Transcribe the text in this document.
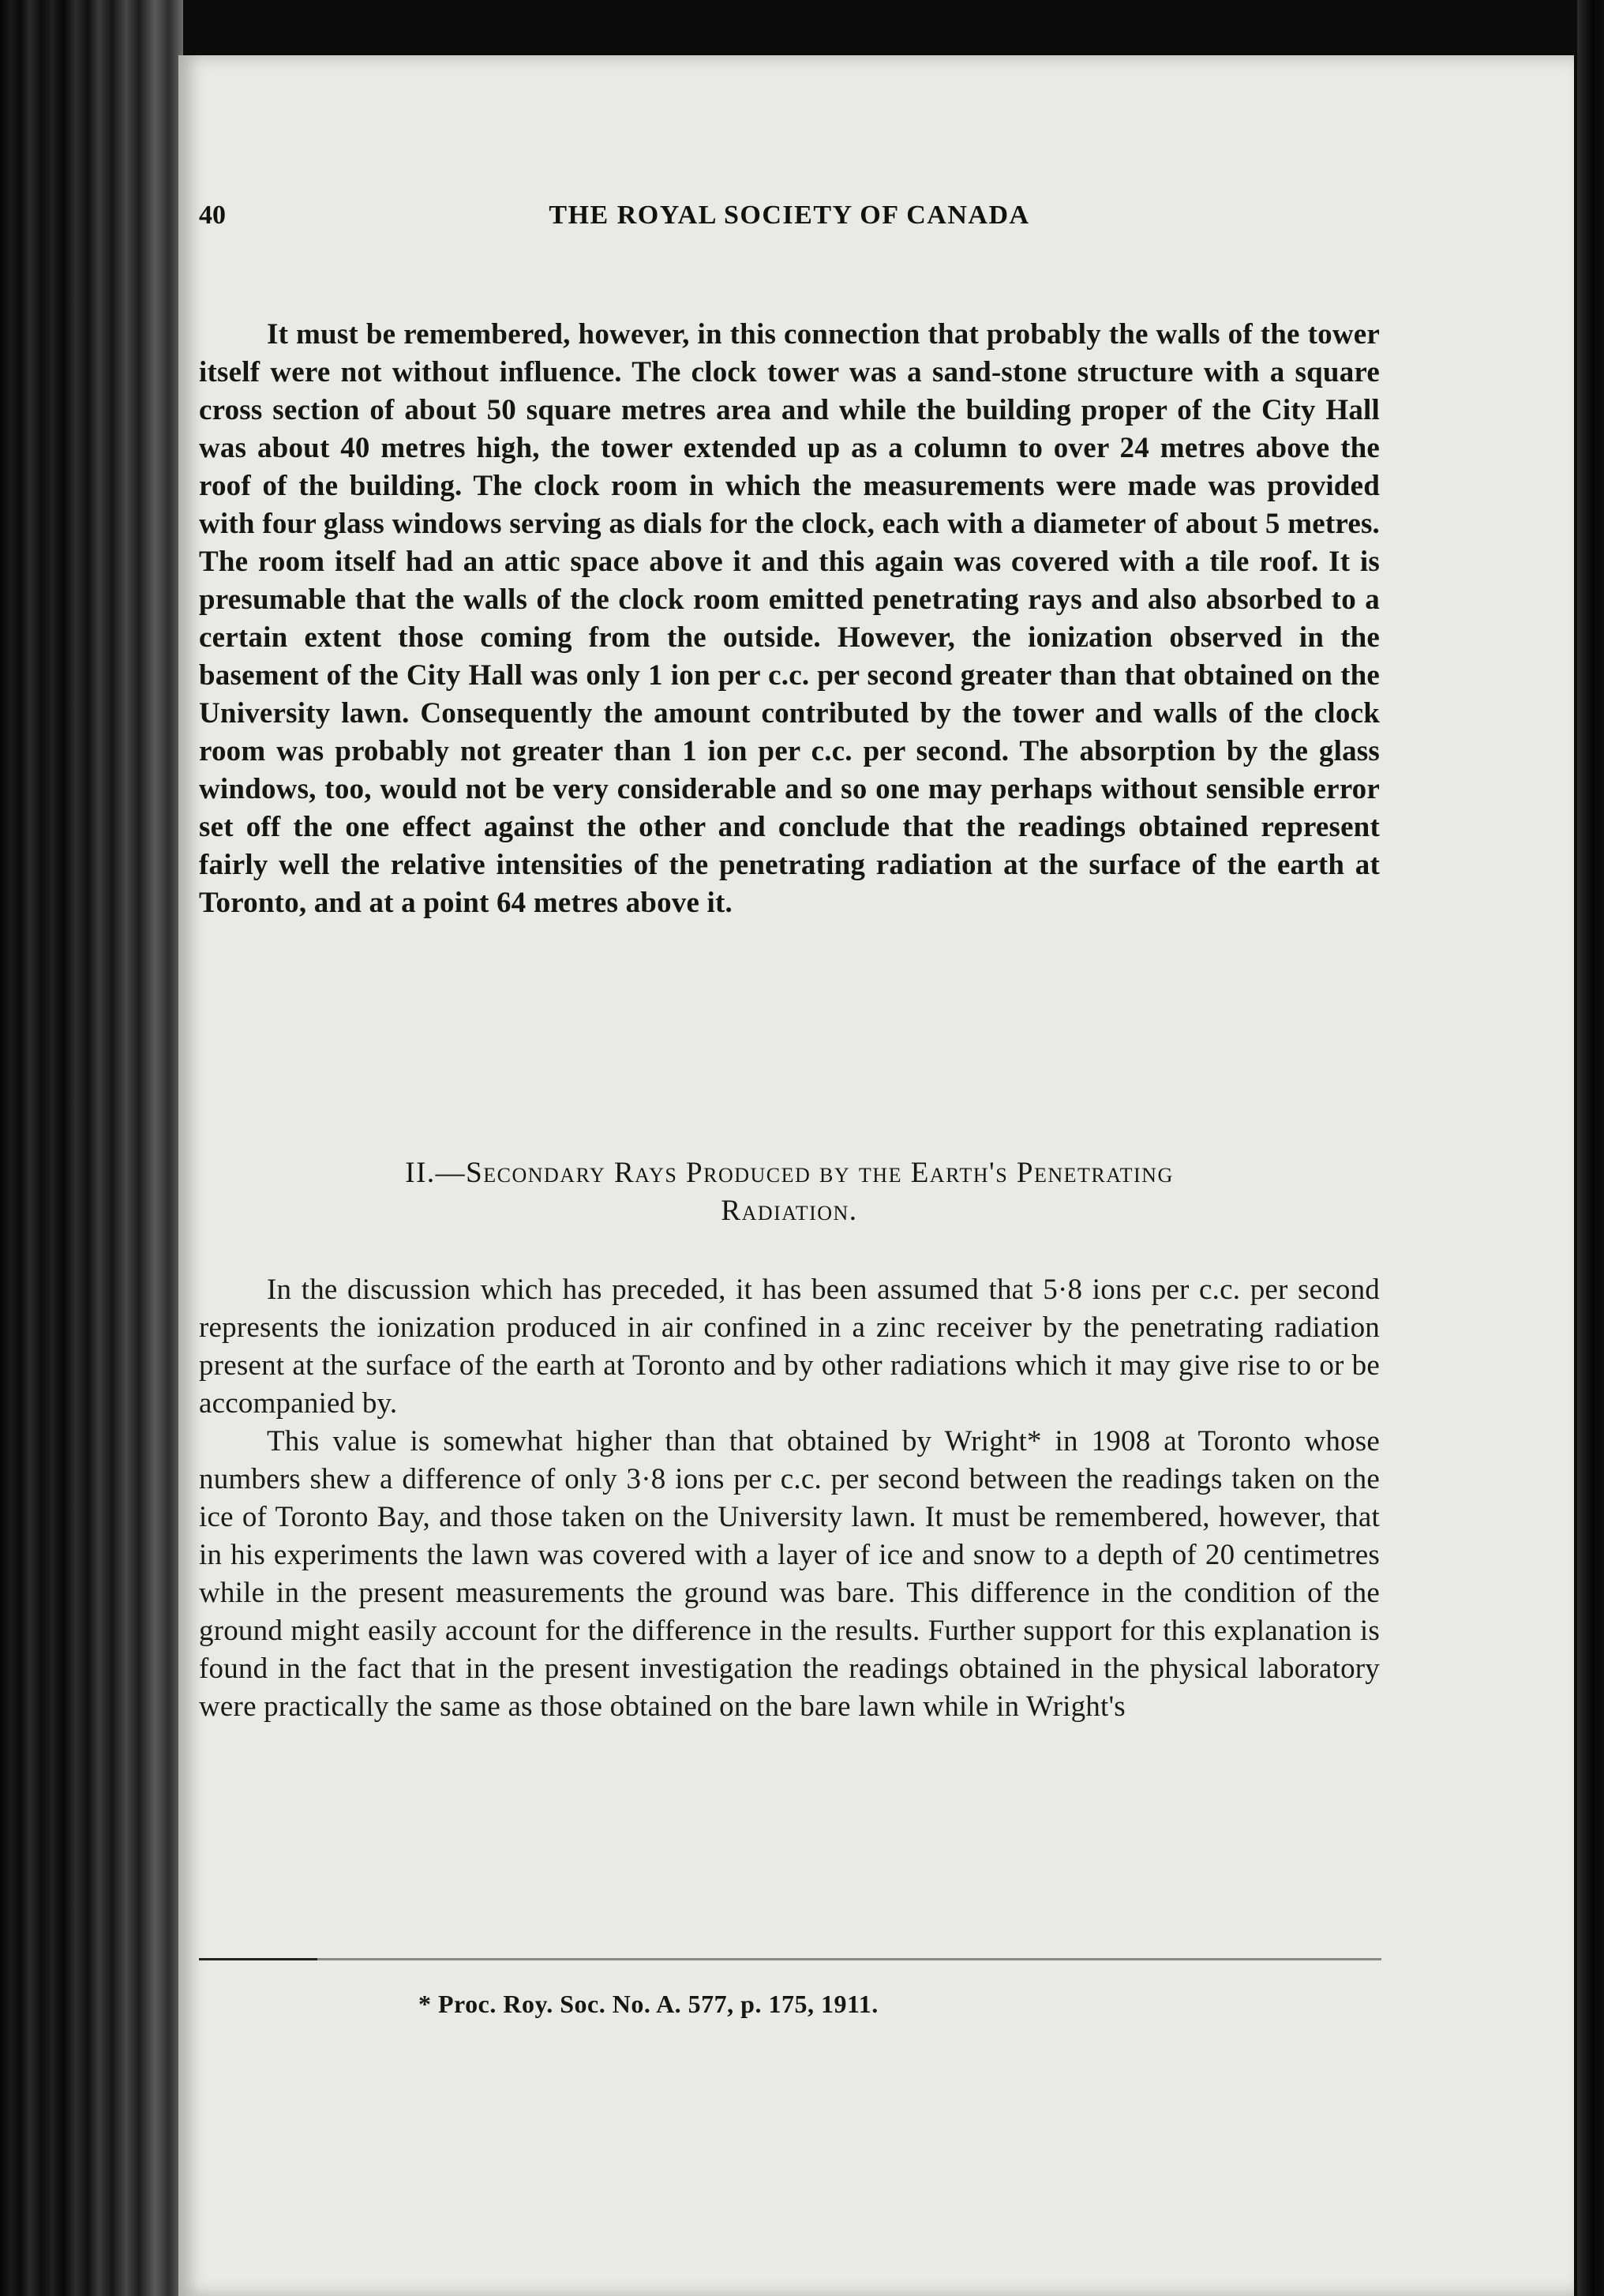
40	THE ROYAL SOCIETY OF CANADA

It must be remembered, however, in this connection that probably the walls of the tower itself were not without influence. The clock tower was a sand-stone structure with a square cross section of about 50 square metres area and while the building proper of the City Hall was about 40 metres high, the tower extended up as a column to over 24 metres above the roof of the building. The clock room in which the measurements were made was provided with four glass windows serving as dials for the clock, each with a diameter of about 5 metres. The room itself had an attic space above it and this again was covered with a tile roof. It is presumable that the walls of the clock room emitted penetrating rays and also absorbed to a certain extent those coming from the outside. However, the ionization observed in the basement of the City Hall was only 1 ion per c.c. per second greater than that obtained on the University lawn. Consequently the amount contributed by the tower and walls of the clock room was probably not greater than 1 ion per c.c. per second. The absorption by the glass windows, too, would not be very considerable and so one may perhaps without sensible error set off the one effect against the other and conclude that the readings obtained represent fairly well the relative intensities of the penetrating radiation at the surface of the earth at Toronto, and at a point 64 metres above it.

II.—Secondary Rays Produced by the Earth's Penetrating
Radiation.

In the discussion which has preceded, it has been assumed that 5·8 ions per c.c. per second represents the ionization produced in air confined in a zinc receiver by the penetrating radiation present at the surface of the earth at Toronto and by other radiations which it may give rise to or be accompanied by.

This value is somewhat higher than that obtained by Wright* in 1908 at Toronto whose numbers shew a difference of only 3·8 ions per c.c. per second between the readings taken on the ice of Toronto Bay, and those taken on the University lawn. It must be remembered, however, that in his experiments the lawn was covered with a layer of ice and snow to a depth of 20 centimetres while in the present measurements the ground was bare. This difference in the condition of the ground might easily account for the difference in the results. Further support for this explanation is found in the fact that in the present investigation the readings obtained in the physical laboratory were practically the same as those obtained on the bare lawn while in Wright's

* Proc. Roy. Soc. No. A. 577, p. 175, 1911.
